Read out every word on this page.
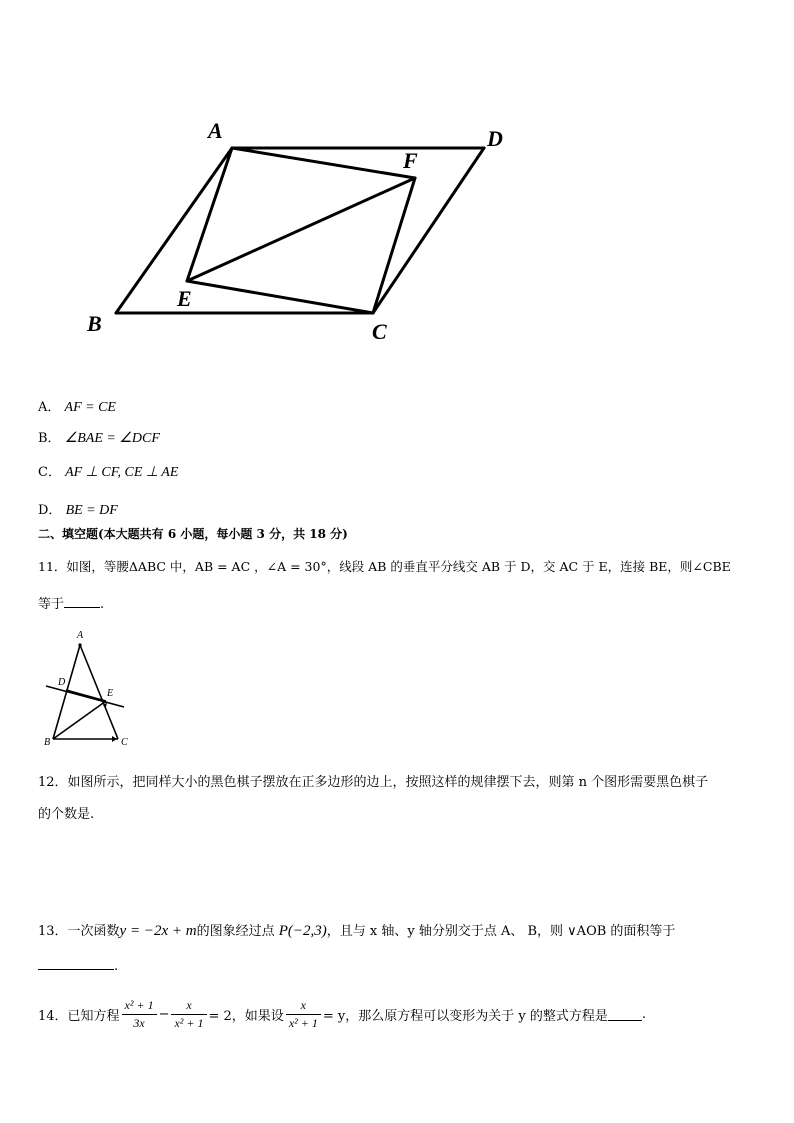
A	D
F
E
B	C
A． AF = CE
B． ∠BAE = ∠DCF
C． AF ⊥ CF, CE ⊥ AE
D． BE = DF
二、填空题(本大题共有 6 小题，每小题 3 分，共 18 分)
11．如图，等腰ΔABC 中，AB = AC ，∠A = 30°，线段 AB 的垂直平分线交 AB 于 D，交 AC 于 E，连接 BE，则∠CBE
等于	.
A
D
E
B	C
12．如图所示，把同样大小的黑色棋子摆放在正多边形的边上，按照这样的规律摆下去，则第 n 个图形需要黑色棋子
的个数是.
13．一次函数y = −2x + m的图象经过点 P(−2,3)，且与 x 轴、y 轴分别交于点 A、 B，则 ∨AOB 的面积等于
.
14．已知方程 $\frac{\text{x² + 1}}{3x} - \frac{x}{\text{x² + 1}} = 2$，如果设 $\frac{x}{\text{x² + 1}} = y$，那么原方程可以变形为关于 y 的整式方程是	.
